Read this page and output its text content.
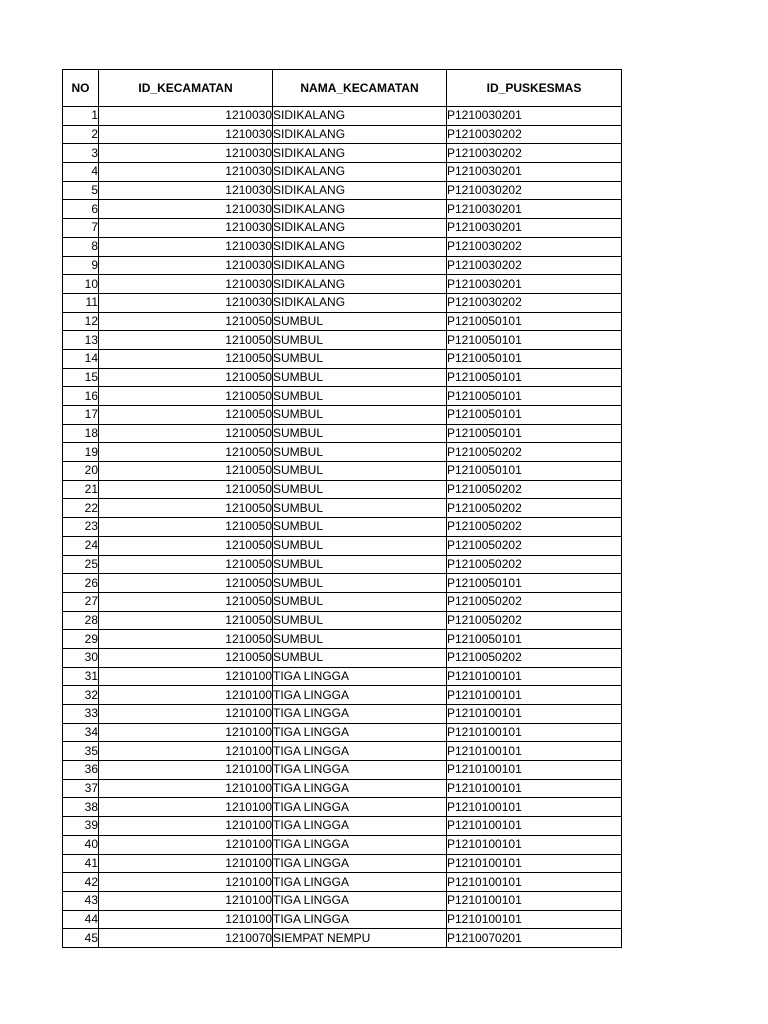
NO	ID_KECAMATAN	NAMA_KECAMATAN	ID_PUSKESMAS
1	1210030	SIDIKALANG	P1210030201
2	1210030	SIDIKALANG	P1210030202
3	1210030	SIDIKALANG	P1210030202
4	1210030	SIDIKALANG	P1210030201
5	1210030	SIDIKALANG	P1210030202
6	1210030	SIDIKALANG	P1210030201
7	1210030	SIDIKALANG	P1210030201
8	1210030	SIDIKALANG	P1210030202
9	1210030	SIDIKALANG	P1210030202
10	1210030	SIDIKALANG	P1210030201
11	1210030	SIDIKALANG	P1210030202
12	1210050	SUMBUL	P1210050101
13	1210050	SUMBUL	P1210050101
14	1210050	SUMBUL	P1210050101
15	1210050	SUMBUL	P1210050101
16	1210050	SUMBUL	P1210050101
17	1210050	SUMBUL	P1210050101
18	1210050	SUMBUL	P1210050101
19	1210050	SUMBUL	P1210050202
20	1210050	SUMBUL	P1210050101
21	1210050	SUMBUL	P1210050202
22	1210050	SUMBUL	P1210050202
23	1210050	SUMBUL	P1210050202
24	1210050	SUMBUL	P1210050202
25	1210050	SUMBUL	P1210050202
26	1210050	SUMBUL	P1210050101
27	1210050	SUMBUL	P1210050202
28	1210050	SUMBUL	P1210050202
29	1210050	SUMBUL	P1210050101
30	1210050	SUMBUL	P1210050202
31	1210100	TIGA LINGGA	P1210100101
32	1210100	TIGA LINGGA	P1210100101
33	1210100	TIGA LINGGA	P1210100101
34	1210100	TIGA LINGGA	P1210100101
35	1210100	TIGA LINGGA	P1210100101
36	1210100	TIGA LINGGA	P1210100101
37	1210100	TIGA LINGGA	P1210100101
38	1210100	TIGA LINGGA	P1210100101
39	1210100	TIGA LINGGA	P1210100101
40	1210100	TIGA LINGGA	P1210100101
41	1210100	TIGA LINGGA	P1210100101
42	1210100	TIGA LINGGA	P1210100101
43	1210100	TIGA LINGGA	P1210100101
44	1210100	TIGA LINGGA	P1210100101
45	1210070	SIEMPAT NEMPU	P1210070201
